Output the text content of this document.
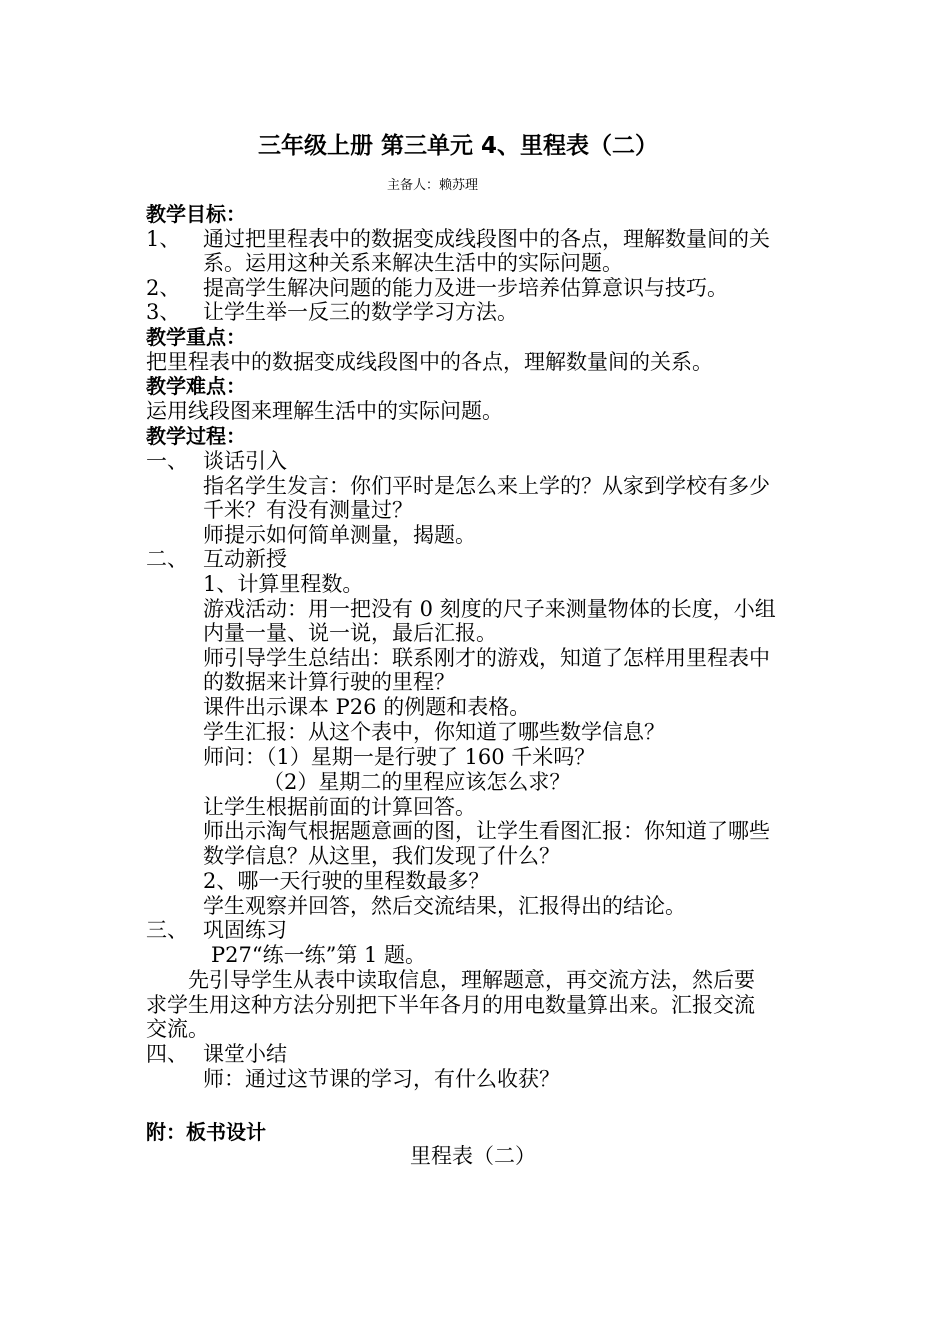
三年级上册 第三单元 4、里程表（二）
主备人：赖苏理
教学目标：
1、 通过把里程表中的数据变成线段图中的各点，理解数量间的关
系。运用这种关系来解决生活中的实际问题。
2、 提高学生解决问题的能力及进一步培养估算意识与技巧。
3、 让学生举一反三的数学学习方法。
教学重点：
把里程表中的数据变成线段图中的各点，理解数量间的关系。
教学难点：
运用线段图来理解生活中的实际问题。
教学过程：
一、 谈话引入
指名学生发言：你们平时是怎么来上学的？从家到学校有多少
千米？有没有测量过？
师提示如何简单测量，揭题。
二、 互动新授
1、计算里程数。
游戏活动：用一把没有 0 刻度的尺子来测量物体的长度，小组
内量一量、说一说，最后汇报。
师引导学生总结出：联系刚才的游戏，知道了怎样用里程表中
的数据来计算行驶的里程？
课件出示课本 P26 的例题和表格。
学生汇报：从这个表中，你知道了哪些数学信息？
师问：（1）星期一是行驶了 160 千米吗？
（2）星期二的里程应该怎么求？
让学生根据前面的计算回答。
师出示淘气根据题意画的图，让学生看图汇报：你知道了哪些
数学信息？从这里，我们发现了什么？
2、哪一天行驶的里程数最多？
学生观察并回答，然后交流结果，汇报得出的结论。
三、 巩固练习
P27“练一练”第 1 题。
先引导学生从表中读取信息，理解题意，再交流方法，然后要
求学生用这种方法分别把下半年各月的用电数量算出来。汇报交流
交流。
四、 课堂小结
师：通过这节课的学习，有什么收获？
附：板书设计
里程表（二）
